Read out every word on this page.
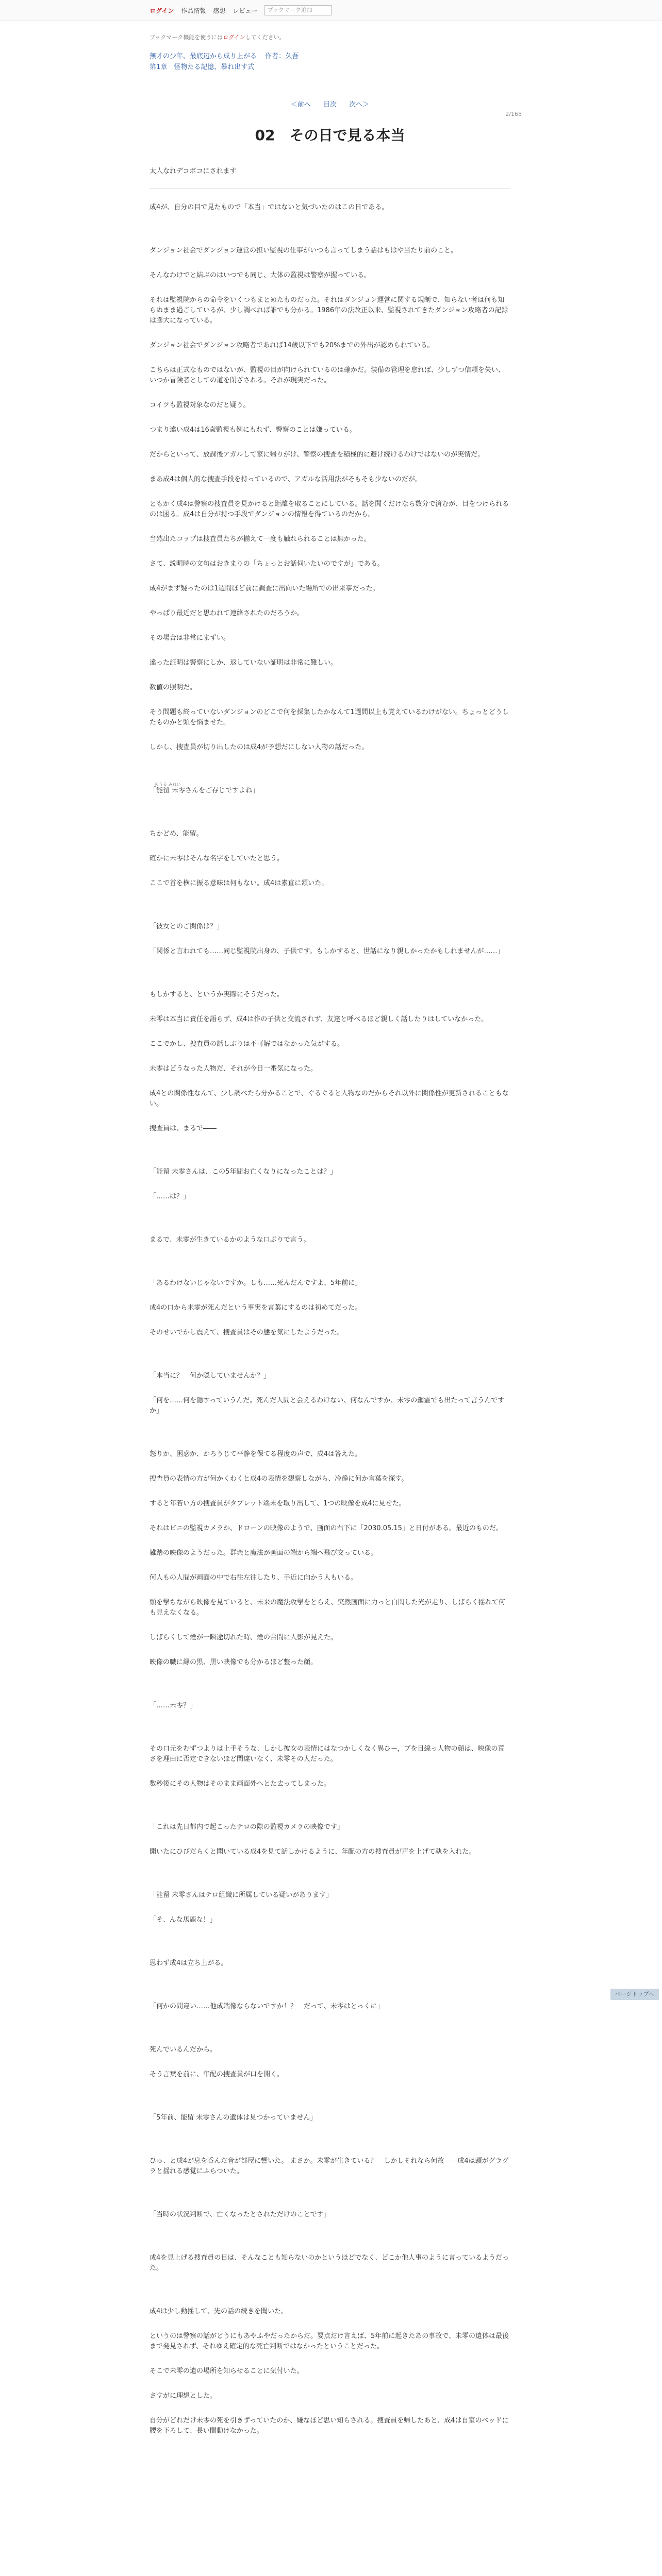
ログイン 作品情報 感想 レビュー	ブックマーク追加
ブックマーク機能を使うにはログインしてください。
無才の少年、最底辺から成り上がる 作者：久吾
第1章　怪物たる記憶、暴れ出す式
2/165
＜前へ 目次 次へ＞
02　その日で見る本当
太人なれデコボコにされます

成4が、自分の目で見たもので「本当」ではないと気づいたのはこの日である。

ダンジョン社会でダンジョン運営の担い監視の仕事がいつも言ってしまう話はもはや当たり前のこと。

そんなわけでと結ぶのはいつでも同じ、大体の監視は警察が握っている。

それは監視院からの命令をいくつもまとめたものだった。それはダンジョン運営に関する規制で、知らない者は何も知らぬまま過ごしているが、少し調べれば誰でも分かる。1986年の法改正以来、監視されてきたダンジョン攻略者の記録は膨大になっている。

ダンジョン社会でダンジョン攻略者であれば14歳以下でも20%までの外出が認められている。

こちらは正式なものではないが、監視の目が向けられているのは確かだ。装備の管理を怠れば、少しずつ信頼を失い、いつか冒険者としての道を閉ざされる。それが現実だった。

コイツも監視対象なのだと疑う。

つまり違い成4は16歳監視も例にもれず、警察のことは嫌っている。

だからといって、放課後アガルして家に帰りがけ、警察の捜査を積極的に避け続けるわけではないのが実情だ。

まあ成4は個人的な捜査手段を持っているので、アガルな活用法がそもそも少ないのだが。

ともかく成4は警察の捜査員を見かけると距離を取ることにしている。話を聞くだけなら数分で済むが、目をつけられるのは困る。成4は自分が持つ手段でダンジョンの情報を得ているのだから。

当然出たコップは捜査員たちが揃えて一度も触れられることは無かった。

さて、説明時の文句はおきまりの「ちょっとお話伺いたいのですが」である。

成4がまず疑ったのは1週間ほど前に調査に出向いた場所での出来事だった。

やっぱり最近だと思われて連絡されたのだろうか。

その場合は非常にまずい。

違った証明は警察にしか、返していない証明は非常に難しい。

数値の照明だ。

そう問題も終っていないダンジョンのどこで何を採集したかなんて1週間以上も覚えているわけがない。ちょっとどうしたものかと頭を悩ませた。

しかし、捜査員が切り出したのは成4が予想だにしない人物の話だった。

「能留 未零さんをご存じですよね」
のうる みれい

ちかどめ、能留。

確かに未零はそんな名字をしていたと思う。

ここで首を横に振る意味は何もない。成4は素直に頷いた。

「彼女とのご関係は？」

「関係と言われても……同じ監視院出身の、子供です。もしかすると、世話になり親しかったかもしれませんが……」

もしかすると、というか実際にそうだった。

未零は本当に責任を語らず、成4は作の子供と交流されず、友達と呼べるほど親しく話したりはしていなかった。

ここでかし、捜査員の話しぶりは不可解ではなかった気がする。

未零はどうなった人物だ、それが今日一番気になった。

成4との関係性なんて、少し調べたら分かることで、ぐるぐると人物なのだからそれ以外に関係性が更新されることもない。

捜査員は、まるで――

「能留 未零さんは、この5年間お亡くなりになったことは？」

「……は？」

まるで、未零が生きているかのような口ぶりで言う。

「あるわけないじゃないですか。しも……死んだんですよ、5年前に」

成4の口から未零が死んだという事実を言葉にするのは初めてだった。

そのせいでかし震えて、捜査員はその態を気にしたようだった。

「本当に？　何か隠していませんか？」

「何を……何を隠すっていうんだ。死んだ人間と会えるわけない、何なんですか、未零の幽霊でも出たって言うんですか」

怒りか、困惑か、かろうじて平静を保てる程度の声で、成4は答えた。

捜査員の表情の方が何かくわくと成4の表情を観察しながら、冷静に何か言葉を探す。

すると年若い方の捜査員がタブレット端末を取り出して、1つの映像を成4に見せた。

それはビニの監視カメラか、ドローンの映像のようで、画面の右下に「2030.05.15」と日付がある。最近のものだ。

雑踏の映像のようだった。群衆と魔法が画面の端から端へ飛び交っている。

何人もの人間が画面の中で右往左往したり、手近に向かう人もいる。

頭を撃ちながら映像を見ていると、未来の魔法攻撃をとらえ、突然画面に力っと白閃した光が走り、しばらく揺れて何も見えなくなる。

しばらくして煙が一瞬途切れた時、煙の合間に人影が見えた。

映像の職に縁の黒、黒い映像でも分かるほど整った顔。

「……未零？」

その口元をむずつよりは上手そうな、しかし彼女の表情にはなつかしくなく異ひー，ブを目線っ人物の顔は、映像の荒さを理由に否定できないほど間違いなく、未零その人だった。

数秒後にその人物はそのまま画面外へとた去ってしまった。

「これは先日都内で起こったテロの際の監視カメラの映像です」

開いたにひびだらくと聞いている成4を見て話しかけるように、年配の方の捜査員が声を上げて執を入れた。

「能留 未零さんはテロ組織に所属している疑いがあります」

「そ、んな馬鹿な！」

思わず成4は立ち上がる。

「何かの間違い……他成端像ならないですか！？　だって、未零はとっくに」

死んでいるんだから。

そう言葉を前に、年配の捜査員が口を開く。

「5年前、能留 未零さんの遺体は見つかっていません」

ひゅ、と成4が息を呑んだ音が部屋に響いた。 まさか。未零が生きている？　しかしそれなら何故――成4は頭がグラグラと揺れる感覚にふらついた。

「当時の状況判断で、亡くなったとされただけのことです」

成4を見上げる捜査員の目は、そんなことも知らないのかというほどでなく、どこか他人事のように言っているようだった。

成4は少し動揺して、先の話の続きを聞いた。

というのは警察の話がどうにもあやふやだったからだ。要点だけ言えば、5年前に起きたあの事故で、未零の遺体は最後まで発見されず、それゆえ確定的な死亡判断ではなかったということだった。

そこで未零の遺の場所を知らせることに気付いた。

さすがに理想とした。

自分がどれだけ未零の死を引きずっていたのか、嫌なほど思い知らされる。捜査員を帰したあと、成4は自室のベッドに腰を下ろして、長い間動けなかった。

ページトップへ
